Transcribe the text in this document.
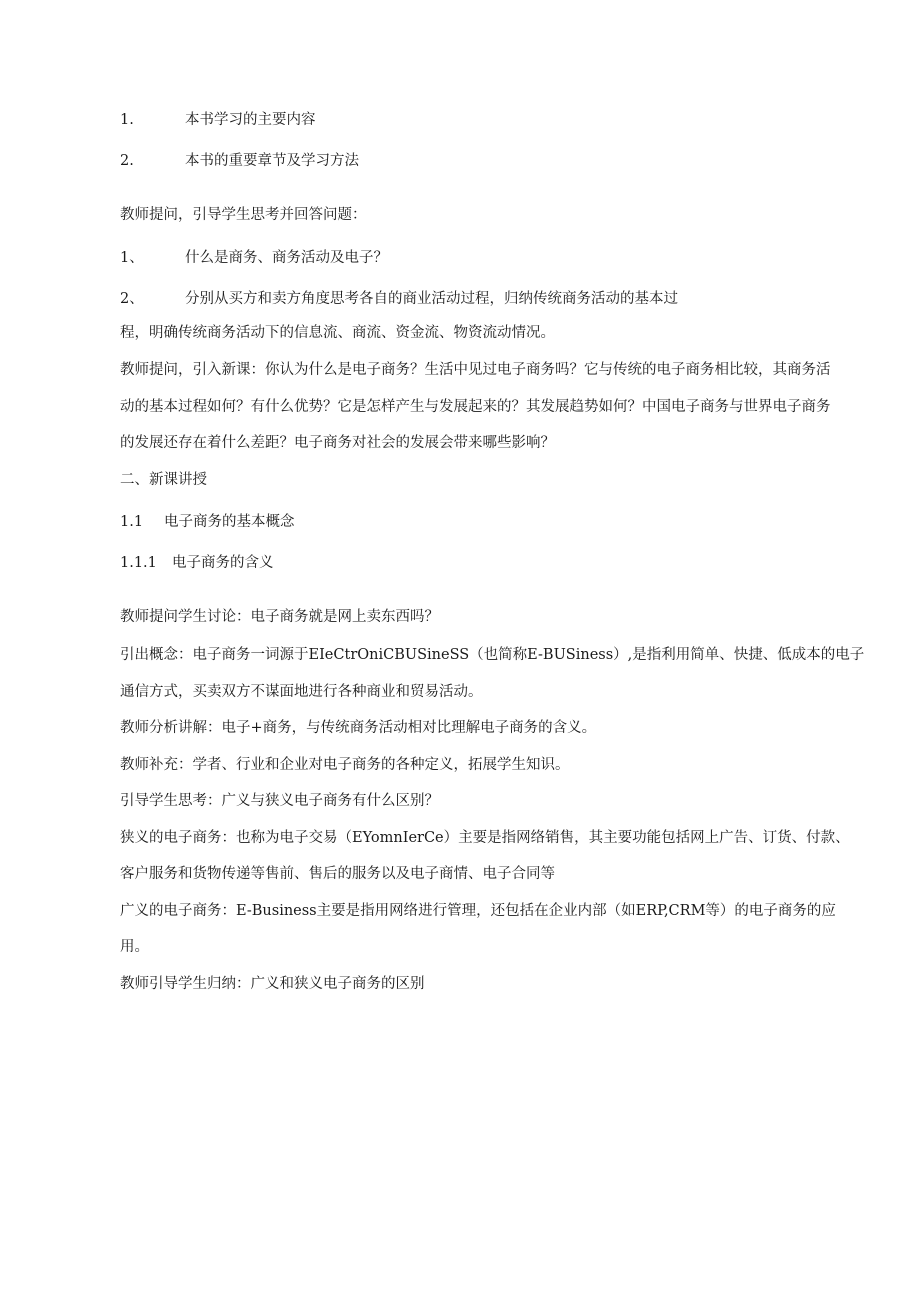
1.	本书学习的主要内容
2.	本书的重要章节及学习方法
教师提问，引导学生思考并回答问题：
1、	什么是商务、商务活动及电子？
2、	分别从买方和卖方角度思考各自的商业活动过程，归纳传统商务活动的基本过
程，明确传统商务活动下的信息流、商流、资金流、物资流动情况。
教师提问，引入新课：你认为什么是电子商务？生活中见过电子商务吗？它与传统的电子商务相比较，其商务活
动的基本过程如何？有什么优势？它是怎样产生与发展起来的？其发展趋势如何？中国电子商务与世界电子商务
的发展还存在着什么差距？电子商务对社会的发展会带来哪些影响？
二、新课讲授
1.1 电子商务的基本概念
1.1.1 电子商务的含义
教师提问学生讨论：电子商务就是网上卖东西吗？
引出概念：电子商务一词源于EIeCtrOniCBUSineSS（也简称E-BUSiness）,是指利用简单、快捷、低成本的电子
通信方式，买卖双方不谋面地进行各种商业和贸易活动。
教师分析讲解：电子+商务，与传统商务活动相对比理解电子商务的含义。
教师补充：学者、行业和企业对电子商务的各种定义，拓展学生知识。
引导学生思考：广义与狭义电子商务有什么区别？
狭义的电子商务：也称为电子交易（EYomnIerCe）主要是指网络销售，其主要功能包括网上广告、订货、付款、
客户服务和货物传递等售前、售后的服务以及电子商情、电子合同等
广义的电子商务：E-Business主要是指用网络进行管理，还包括在企业内部（如ERP,CRM等）的电子商务的应
用。
教师引导学生归纳：广义和狭义电子商务的区别
